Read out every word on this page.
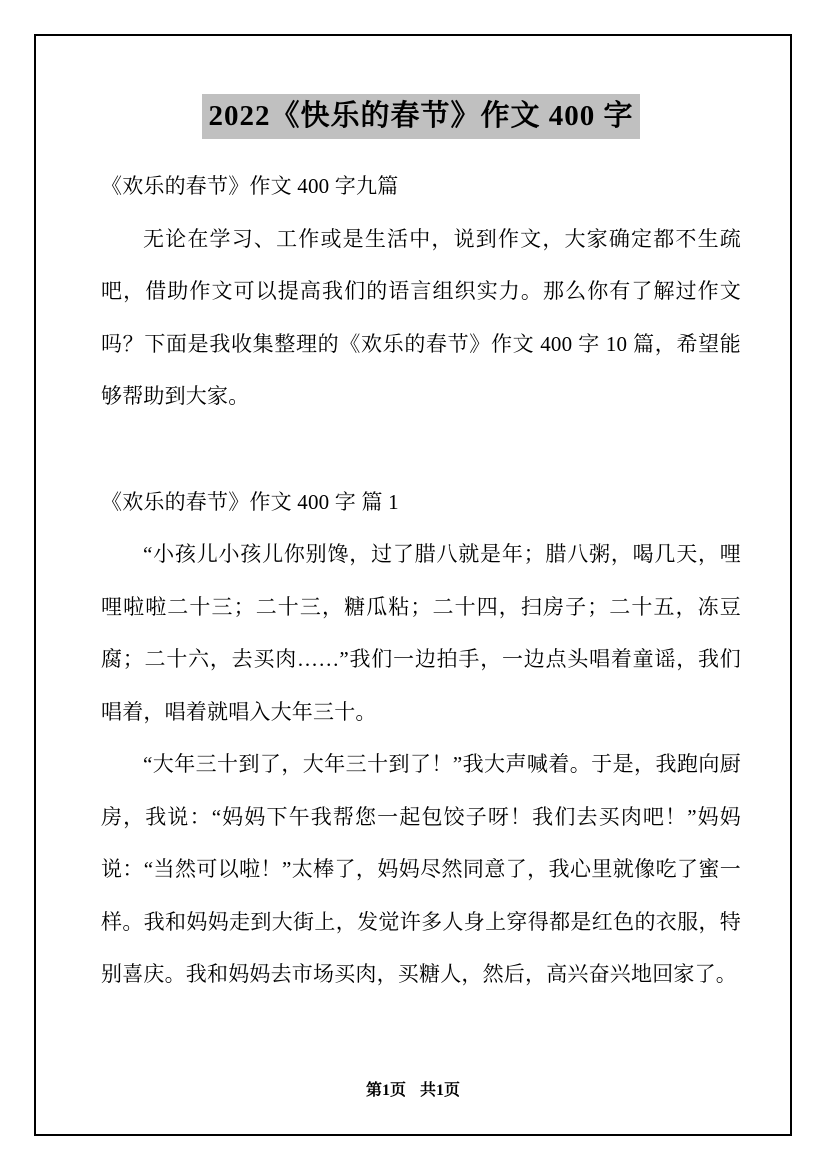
2022《快乐的春节》作文 400 字

《欢乐的春节》作文 400 字九篇

无论在学习、工作或是生活中，说到作文，大家确定都不生疏吧，借助作文可以提高我们的语言组织实力。那么你有了解过作文吗？下面是我收集整理的《欢乐的春节》作文 400 字 10 篇，希望能够帮助到大家。

《欢乐的春节》作文 400 字 篇 1

“小孩儿小孩儿你别馋，过了腊八就是年；腊八粥，喝几天，哩哩啦啦二十三；二十三，糖瓜粘；二十四，扫房子；二十五，冻豆腐；二十六，去买肉……”我们一边拍手，一边点头唱着童谣，我们唱着，唱着就唱入大年三十。

“大年三十到了，大年三十到了！”我大声喊着。于是，我跑向厨房，我说：“妈妈下午我帮您一起包饺子呀！我们去买肉吧！”妈妈说：“当然可以啦！”太棒了，妈妈尽然同意了，我心里就像吃了蜜一样。我和妈妈走到大街上，发觉许多人身上穿得都是红色的衣服，特别喜庆。我和妈妈去市场买肉，买糖人，然后，高兴奋兴地回家了。

第1页 共1页
